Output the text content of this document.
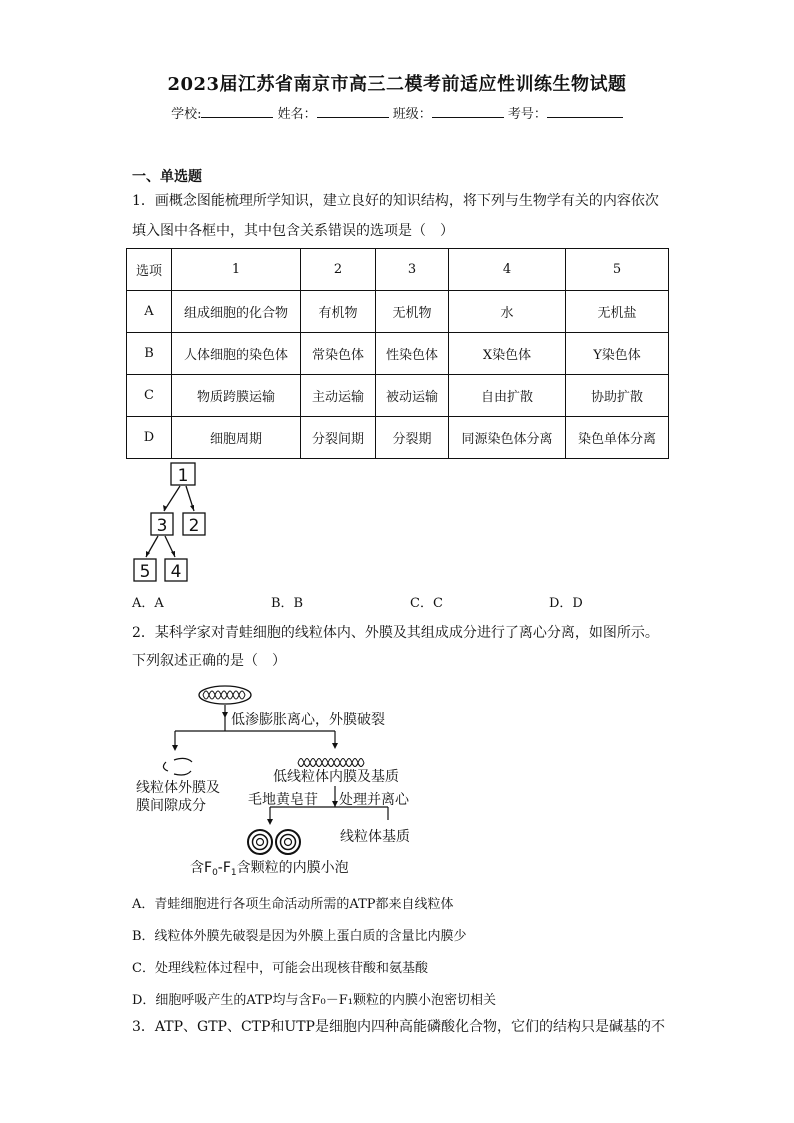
2023届江苏省南京市高三二模考前适应性训练生物试题
学校:	姓名：	班级：	考号：
一、单选题
1．画概念图能梳理所学知识，建立良好的知识结构，将下列与生物学有关的内容依次
填入图中各框中，其中包含关系错误的选项是（　）
选项	1	2	3	4	5
A	组成细胞的化合物	有机物	无机物	水	无机盐
B	人体细胞的染色体	常染色体	性染色体	X染色体	Y染色体
C	物质跨膜运输	主动运输	被动运输	自由扩散	协助扩散
D	细胞周期	分裂间期	分裂期	同源染色体分离	染色单体分离
1
3 2
5 4
A．A	B．B	C．C	D．D
2．某科学家对青蛙细胞的线粒体内、外膜及其组成成分进行了离心分离，如图所示。
下列叙述正确的是（　）
低渗膨胀离心，外膜破裂
线粒体外膜及
膜间隙成分
低线粒体内膜及基质
毛地黄皂苷 处理并离心
线粒体基质
含$F_0-F_1$含颗粒的内膜小泡
A．青蛙细胞进行各项生命活动所需的ATP都来自线粒体
B．线粒体外膜先破裂是因为外膜上蛋白质的含量比内膜少
C．处理线粒体过程中，可能会出现核苷酸和氨基酸
D．细胞呼吸产生的ATP均与含F₀－F₁颗粒的内膜小泡密切相关
3．ATP、GTP、CTP和UTP是细胞内四种高能磷酸化合物，它们的结构只是碱基的不
